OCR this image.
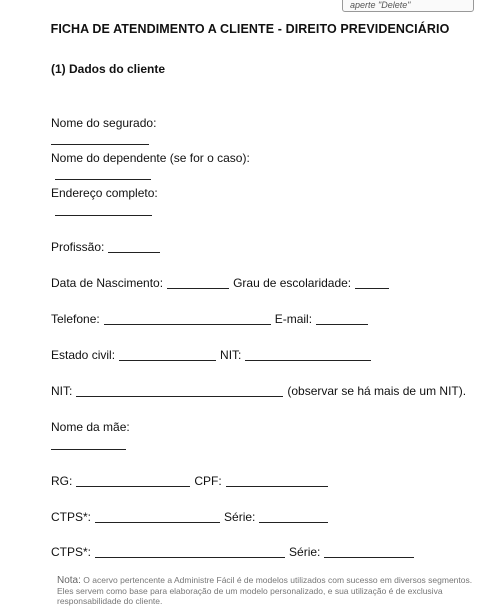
aperte "Delete"
FICHA DE ATENDIMENTO A CLIENTE - DIREITO PREVIDENCIÁRIO
(1) Dados do cliente
Nome do segurado:
Nome do dependente (se for o caso):
Endereço completo:
Profissão:
Data de Nascimento:	Grau de escolaridade:
Telefone:	E-mail:
Estado civil:	NIT:
NIT:	(observar se há mais de um NIT).
Nome da mãe:
RG:	CPF:
CTPS*:	Série:
CTPS*:	Série:
Nota: O acervo pertencente a Administre Fácil é de modelos utilizados com sucesso em diversos segmentos. Eles servem como base para elaboração de um modelo personalizado, e sua utilização é de exclusiva responsabilidade do cliente.
